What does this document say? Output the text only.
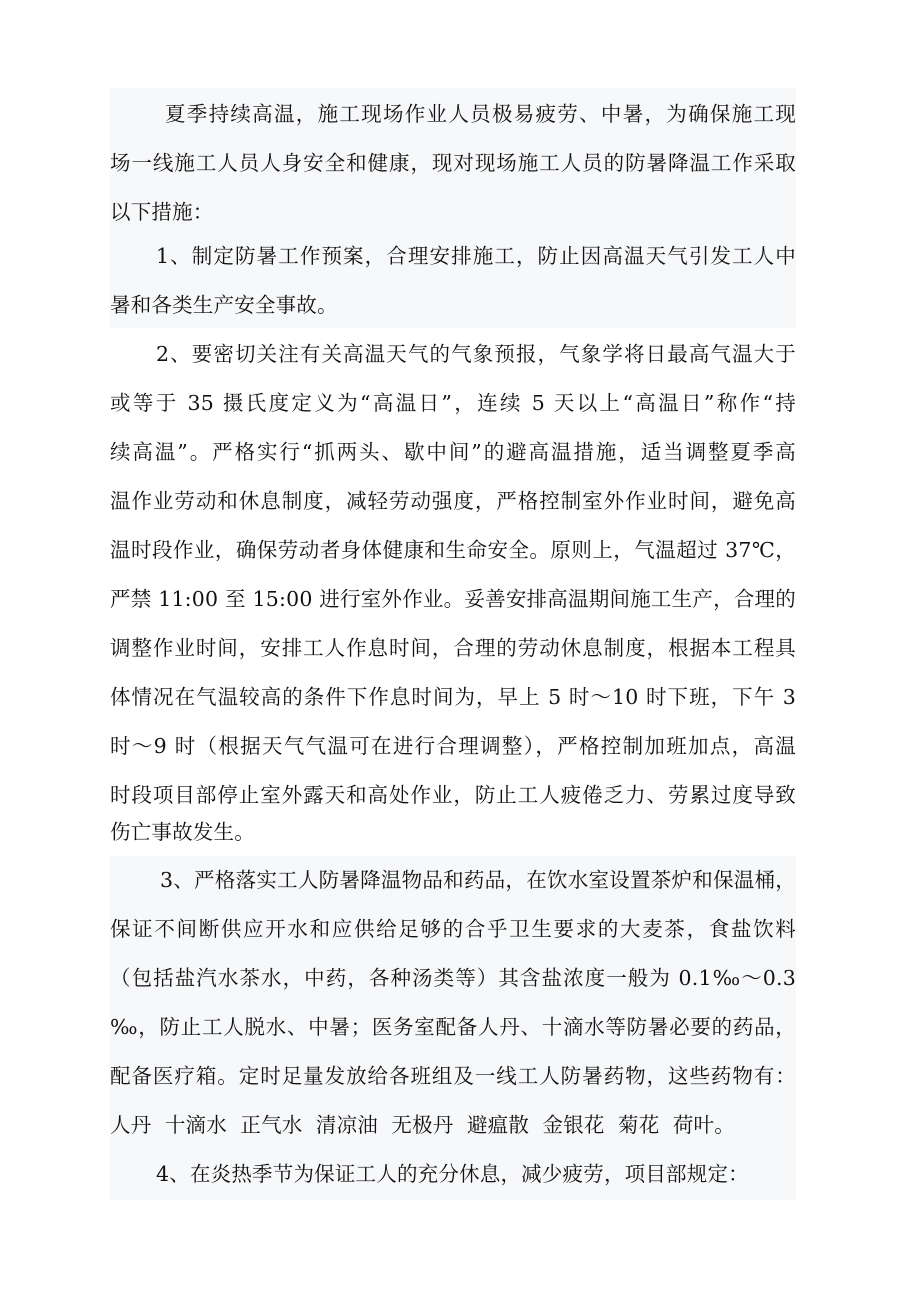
夏季持续高温，施工现场作业人员极易疲劳、中暑，为确保施工现
场一线施工人员人身安全和健康，现对现场施工人员的防暑降温工作采取
以下措施：
1、制定防暑工作预案，合理安排施工，防止因高温天气引发工人中
暑和各类生产安全事故。
2、要密切关注有关高温天气的气象预报，气象学将日最高气温大于
或等于 35 摄氏度定义为“高温日”，连续 5 天以上“高温日”称作“持
续高温”。严格实行“抓两头、歇中间”的避高温措施，适当调整夏季高
温作业劳动和休息制度，减轻劳动强度，严格控制室外作业时间，避免高
温时段作业，确保劳动者身体健康和生命安全。原则上，气温超过 37℃，
严禁 11:00 至 15:00 进行室外作业。妥善安排高温期间施工生产，合理的
调整作业时间，安排工人作息时间，合理的劳动休息制度，根据本工程具
体情况在气温较高的条件下作息时间为，早上 5 时～10 时下班，下午 3
时～9 时（根据天气气温可在进行合理调整），严格控制加班加点，高温
时段项目部停止室外露天和高处作业，防止工人疲倦乏力、劳累过度导致
伤亡事故发生。
3、严格落实工人防暑降温物品和药品，在饮水室设置茶炉和保温桶，
保证不间断供应开水和应供给足够的合乎卫生要求的大麦茶，食盐饮料
（包括盐汽水茶水，中药，各种汤类等）其含盐浓度一般为 0.1‰～0.3
‰，防止工人脱水、中暑；医务室配备人丹、十滴水等防暑必要的药品，
配备医疗箱。定时足量发放给各班组及一线工人防暑药物，这些药物有：
人丹  十滴水  正气水  清凉油  无极丹  避瘟散  金银花  菊花  荷叶。
4、在炎热季节为保证工人的充分休息，减少疲劳，项目部规定：
